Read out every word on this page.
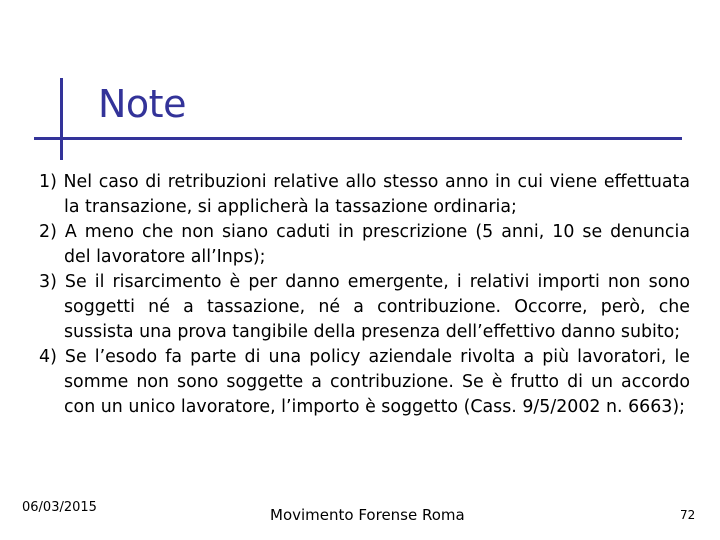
Note
1) Nel caso di retribuzioni relative allo stesso anno in cui viene effettuata la transazione, si applicherà la tassazione ordinaria;
2) A meno che non siano caduti in prescrizione (5 anni, 10 se denuncia del lavoratore all’Inps);
3) Se il risarcimento è per danno emergente, i relativi importi non sono soggetti né a tassazione, né a contribuzione. Occorre, però, che sussista una prova tangibile della presenza dell’effettivo danno subito;
4) Se l’esodo fa parte di una policy aziendale rivolta a più lavoratori, le somme non sono soggette a contribuzione. Se è frutto di un accordo con un unico lavoratore, l’importo è soggetto (Cass. 9/5/2002 n. 6663);
06/03/2015	Movimento Forense Roma	72
